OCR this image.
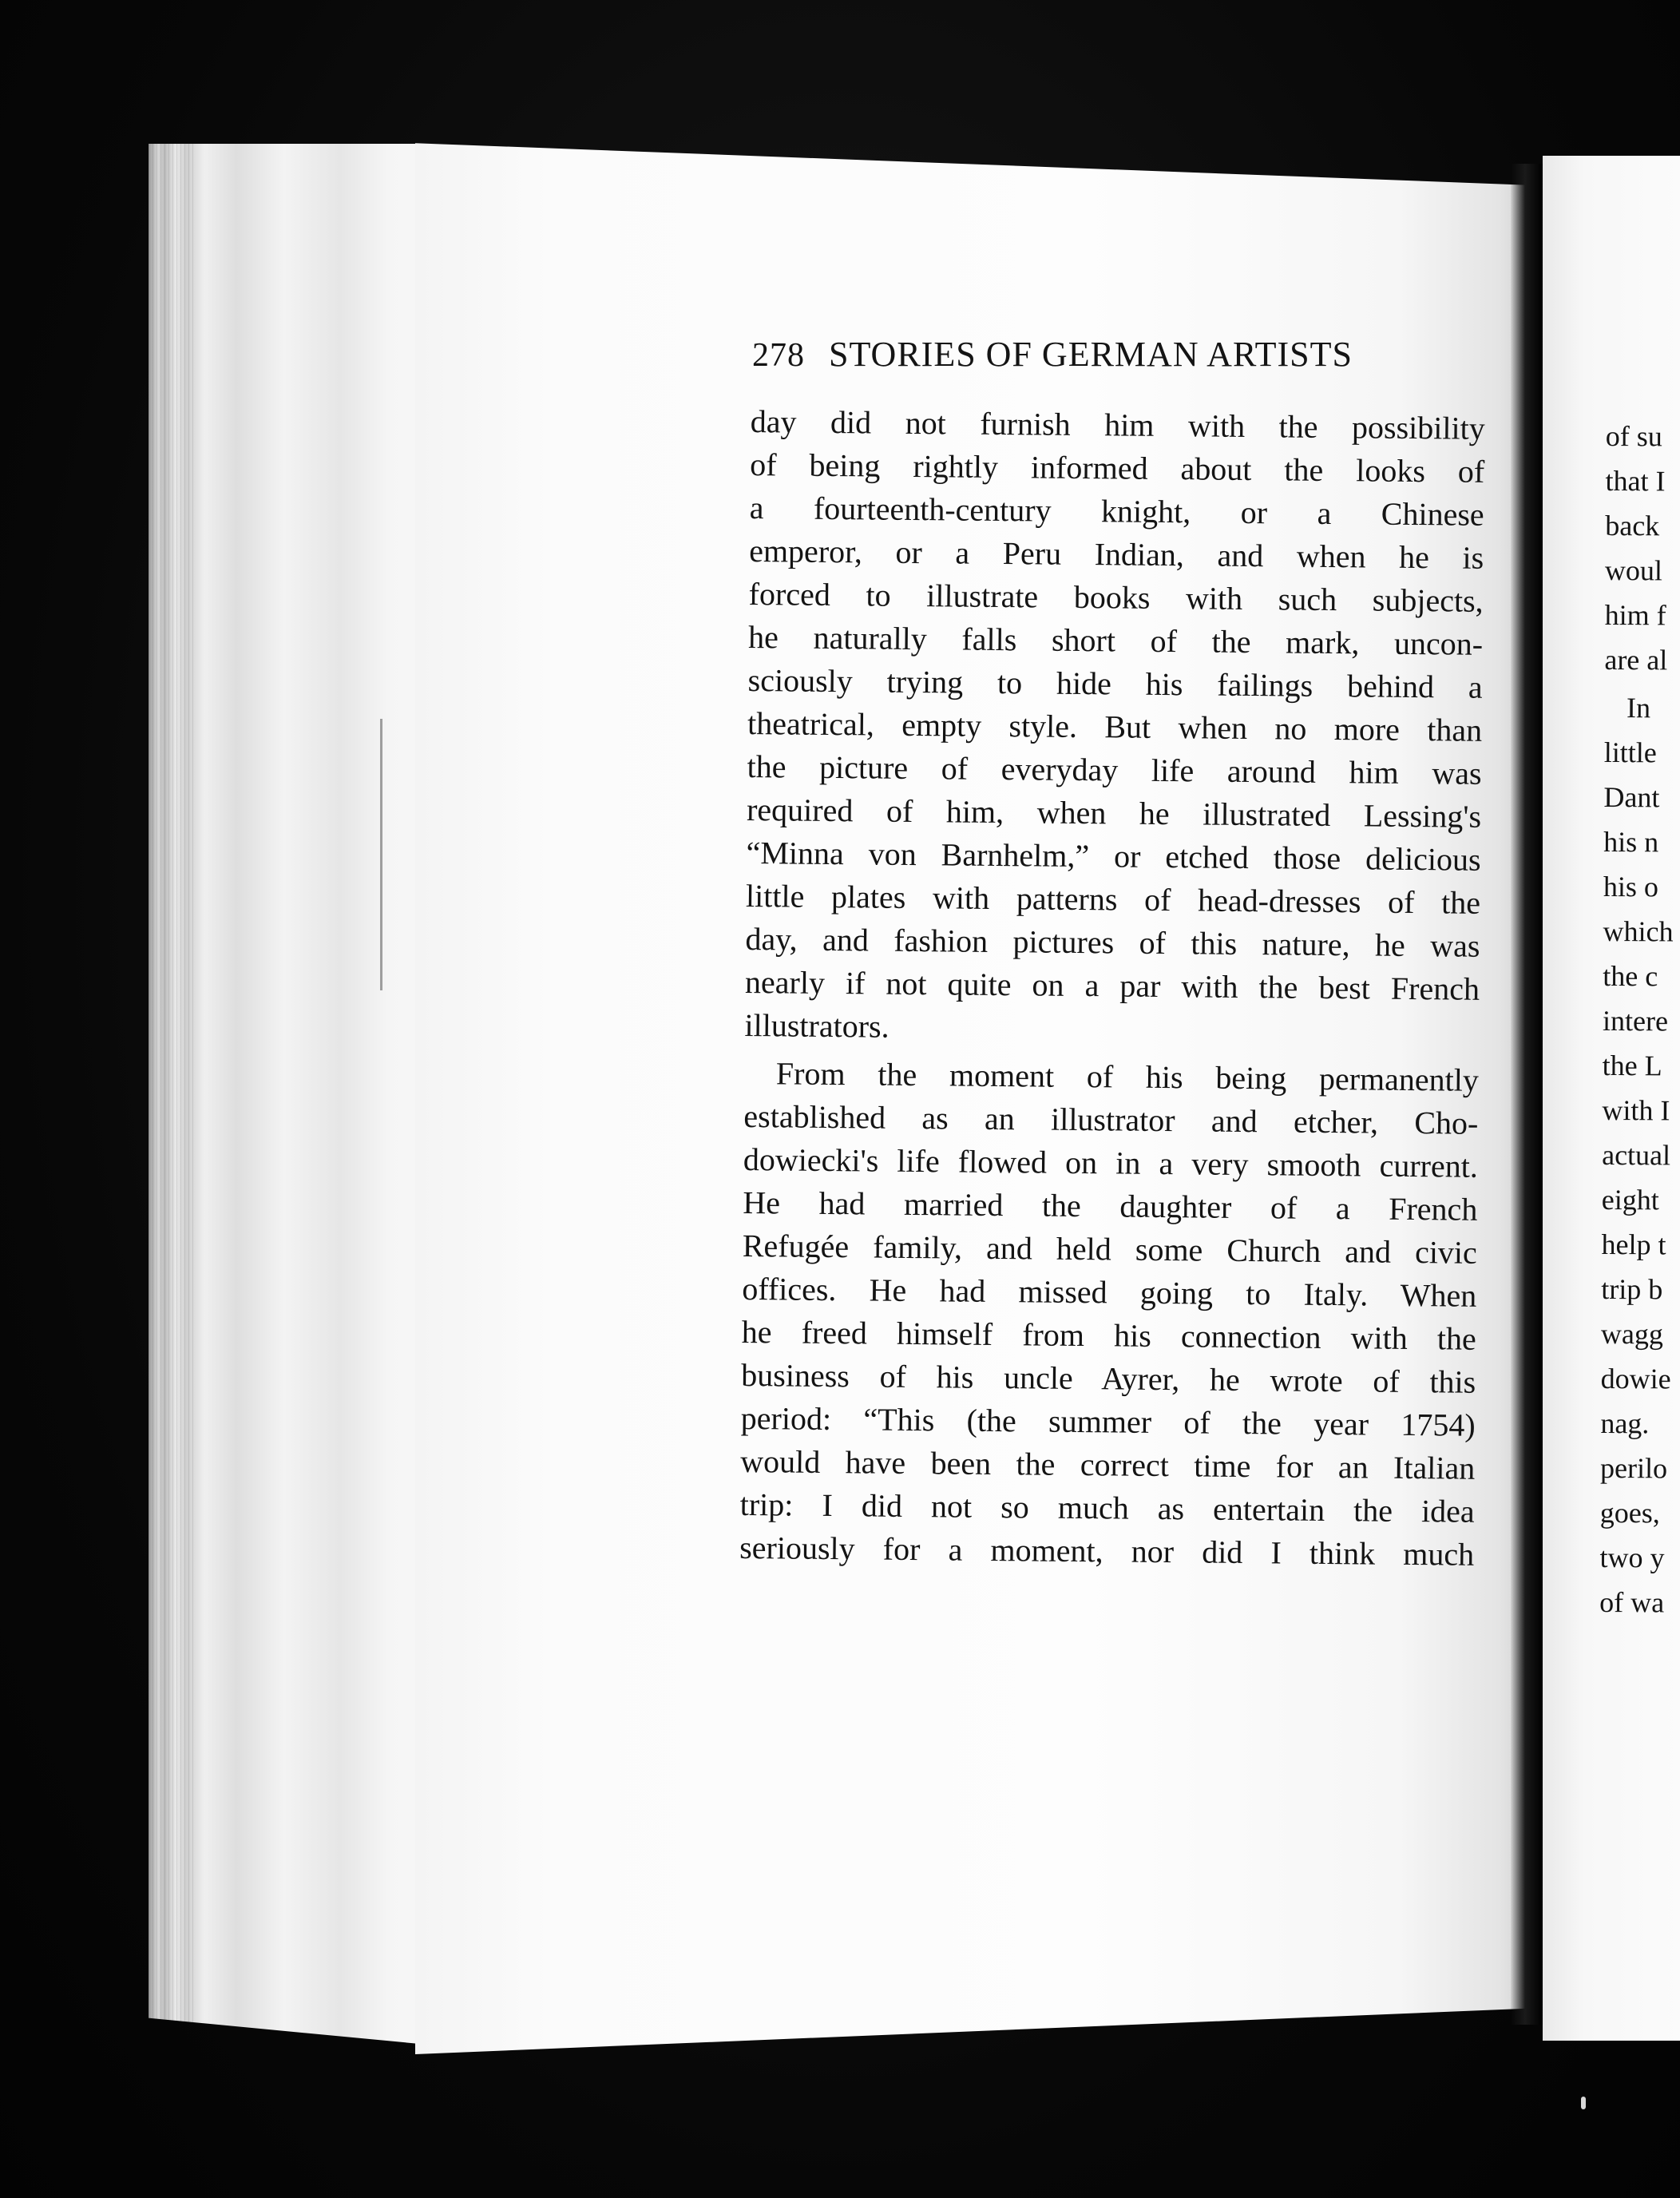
278 STORIES OF GERMAN ARTISTS
day did not furnish him with the possibility
of being rightly informed about the looks of
a fourteenth-century knight, or a Chinese
emperor, or a Peru Indian, and when he is
forced to illustrate books with such subjects,
he naturally falls short of the mark, uncon-
sciously trying to hide his failings behind a
theatrical, empty style. But when no more than
the picture of everyday life around him was
required of him, when he illustrated Lessing's
“Minna von Barnhelm,” or etched those delicious
little plates with patterns of head-dresses of the
day, and fashion pictures of this nature, he was
nearly if not quite on a par with the best French
illustrators.
From the moment of his being permanently
established as an illustrator and etcher, Cho-
dowiecki's life flowed on in a very smooth current.
He had married the daughter of a French
Refugée family, and held some Church and civic
offices. He had missed going to Italy. When
he freed himself from his connection with the
business of his uncle Ayrer, he wrote of this
period: “This (the summer of the year 1754)
would have been the correct time for an Italian
trip: I did not so much as entertain the idea
seriously for a moment, nor did I think much
of su
that I
back
woul
him f
are al
In
little
Dant
his n
his o
which
the c
intere
the L
with I
actual
eight
help t
trip b
wagg
dowie
nag.
perilo
goes,
two y
of wa
